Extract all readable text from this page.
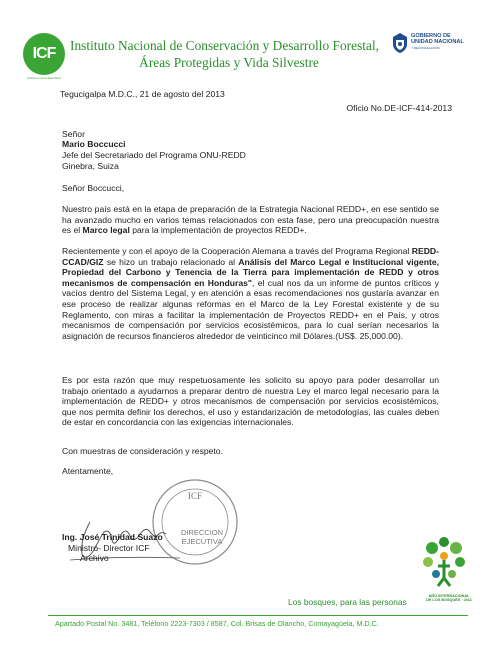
ICF
Gobierno de la República
Instituto Nacional de Conservación y Desarrollo Forestal,
Áreas Protegidas y Vida Silvestre
GOBIERNO DE
UNIDAD NACIONAL
Y RECONCILIACIÓN
Tegucigalpa M.D.C., 21 de agosto del 2013
Oficio No.DE-ICF-414-2013
Señor
Mario Boccucci
Jefe del Secretariado del Programa ONU-REDD
Ginebra, Suiza
Señor Boccucci,
Nuestro país está en la etapa de preparación de la Estrategia Nacional REDD+, en ese sentido se ha avanzado mucho en varios temas relacionados con esta fase, pero una preocupación nuestra es el Marco legal para la implementación de proyectos REDD+.
Recientemente y con el apoyo de la Cooperación Alemana a través del Programa Regional REDD-CCAD/GIZ se hizo un trabajo relacionado al Análisis del Marco Legal e Institucional vigente, Propiedad del Carbono y Tenencia de la Tierra para implementación de REDD y otros mecanismos de compensación en Honduras", el cual nos da un informe de puntos críticos y vacíos dentro del Sistema Legal, y en atención a esas recomendaciones nos gustaría avanzar en ese proceso de realizar algunas reformas en el Marco de la Ley Forestal existente y de su Reglamento, con miras a facilitar la implementación de Proyectos REDD+ en el País, y otros mecanismos de compensación por servicios ecosistémicos, para lo cual serían necesarios la asignación de recursos financieros alrededor de veinticinco mil Dólares.(US$. 25,000.00).
Es por esta razón que muy respetuosamente les solicito su apoyo para poder desarrollar un trabajo orientado a ayudarnos a preparar dentro de nuestra Ley el marco legal necesario para la implementación de REDD+ y otros mecanismos de compensación por servicios ecosistémicos, que nos permita definir los derechos, el uso y estandarización de metodologías, las cuales deben de estar en concordancia con las exigencias internacionales.
Con muestras de consideración y respeto.
Atentamente,
ICF
DIRECCION
EJECUTIVA
Ing. José Trinidad Suazo
Ministro- Director ICF
Archivo
AÑO INTERNACIONAL
DE LOS BOSQUES · 2011
Los bosques, para las personas
Apartado Postal No. 3481, Teléfono 2223-7303 / 8587, Col. Brisas de Olancho, Comayagüela, M.D.C.
